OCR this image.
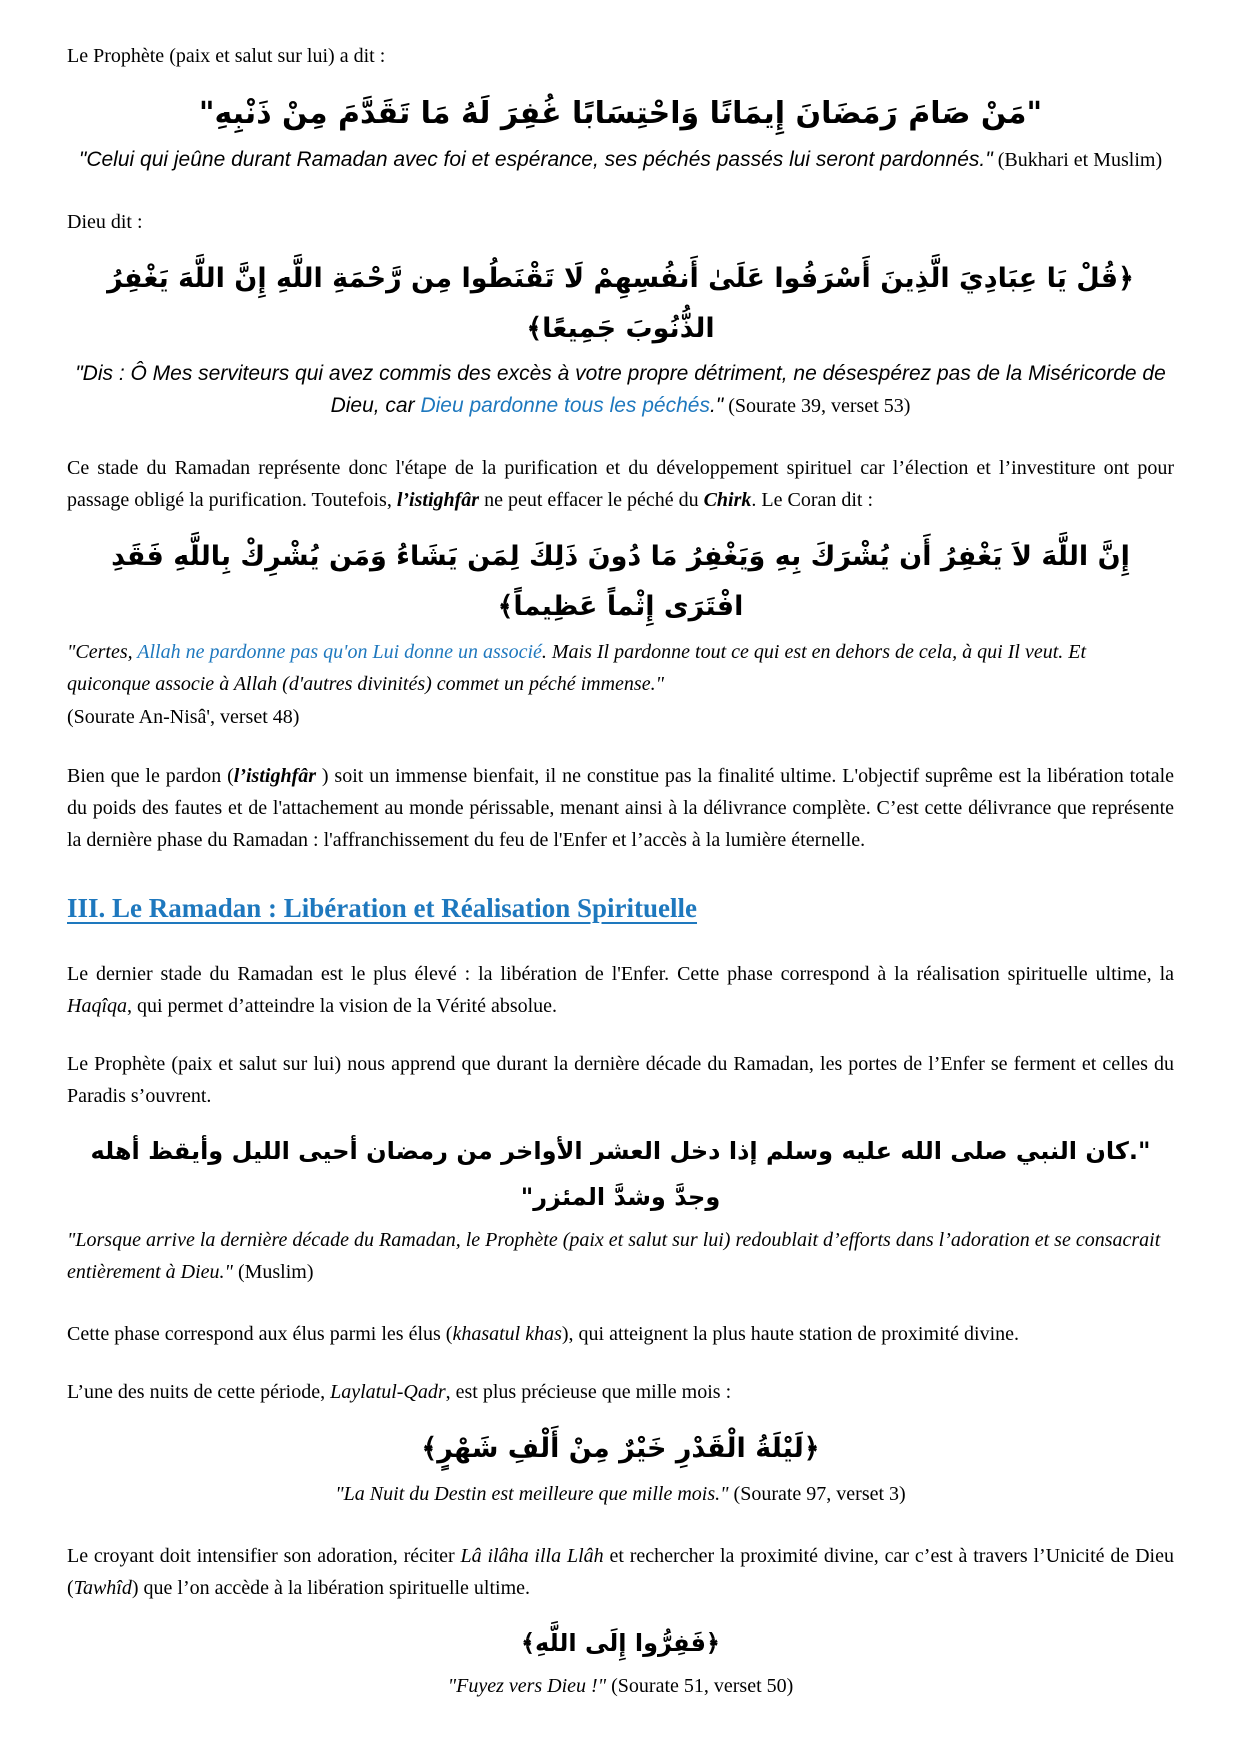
Le Prophète (paix et salut sur lui) a dit :

"مَنْ صَامَ رَمَضَانَ إِيمَانًا وَاحْتِسَابًا غُفِرَ لَهُ مَا تَقَدَّمَ مِنْ ذَنْبِهِ"
"Celui qui jeûne durant Ramadan avec foi et espérance, ses péchés passés lui seront pardonnés." (Bukhari et Muslim)

Dieu dit :

﴿قُلْ يَا عِبَادِيَ الَّذِينَ أَسْرَفُوا عَلَىٰ أَنفُسِهِمْ لَا تَقْنَطُوا مِن رَّحْمَةِ اللَّهِ إِنَّ اللَّهَ يَغْفِرُ الذُّنُوبَ جَمِيعًا﴾
"Dis : Ô Mes serviteurs qui avez commis des excès à votre propre détriment, ne désespérez pas de la Miséricorde de Dieu, car Dieu pardonne tous les péchés." (Sourate 39, verset 53)

Ce stade du Ramadan représente donc l'étape de la purification et du développement spirituel car l’élection et l’investiture ont pour passage obligé la purification. Toutefois, l’istighfâr ne peut effacer le péché du Chirk. Le Coran dit :

إِنَّ اللَّهَ لاَ يَغْفِرُ أَن يُشْرَكَ بِهِ وَيَغْفِرُ مَا دُونَ ذَلِكَ لِمَن يَشَاءُ وَمَن يُشْرِكْ بِاللَّهِ فَقَدِ افْتَرَى إِثْماً عَظِيماً﴾
"Certes, Allah ne pardonne pas qu'on Lui donne un associé. Mais Il pardonne tout ce qui est en dehors de cela, à qui Il veut. Et quiconque associe à Allah (d'autres divinités) commet un péché immense."
(Sourate An-Nisâ', verset 48)

Bien que le pardon (l’istighfâr ) soit un immense bienfait, il ne constitue pas la finalité ultime. L'objectif suprême est la libération totale du poids des fautes et de l'attachement au monde périssable, menant ainsi à la délivrance complète. C’est cette délivrance que représente la dernière phase du Ramadan : l'affranchissement du feu de l'Enfer et l’accès à la lumière éternelle.

III. Le Ramadan : Libération et Réalisation Spirituelle

Le dernier stade du Ramadan est le plus élevé : la libération de l'Enfer. Cette phase correspond à la réalisation spirituelle ultime, la Haqîqa, qui permet d’atteindre la vision de la Vérité absolue.

Le Prophète (paix et salut sur lui) nous apprend que durant la dernière décade du Ramadan, les portes de l’Enfer se ferment et celles du Paradis s’ouvrent.

".كان النبي صلى الله عليه وسلم إذا دخل العشر الأواخر من رمضان أحيى الليل وأيقظ أهله وجدَّ وشدَّ المئزر"
"Lorsque arrive la dernière décade du Ramadan, le Prophète (paix et salut sur lui) redoublait d’efforts dans l’adoration et se consacrait entièrement à Dieu." (Muslim)

Cette phase correspond aux élus parmi les élus (khasatul khas), qui atteignent la plus haute station de proximité divine.

L’une des nuits de cette période, Laylatul-Qadr, est plus précieuse que mille mois :

﴿لَيْلَةُ الْقَدْرِ خَيْرٌ مِنْ أَلْفِ شَهْرٍ﴾
"La Nuit du Destin est meilleure que mille mois." (Sourate 97, verset 3)

Le croyant doit intensifier son adoration, réciter Lâ ilâha illa Llâh et rechercher la proximité divine, car c’est à travers l’Unicité de Dieu (Tawhîd) que l’on accède à la libération spirituelle ultime.

﴿فَفِرُّوا إِلَى اللَّهِ﴾
"Fuyez vers Dieu !" (Sourate 51, verset 50)
